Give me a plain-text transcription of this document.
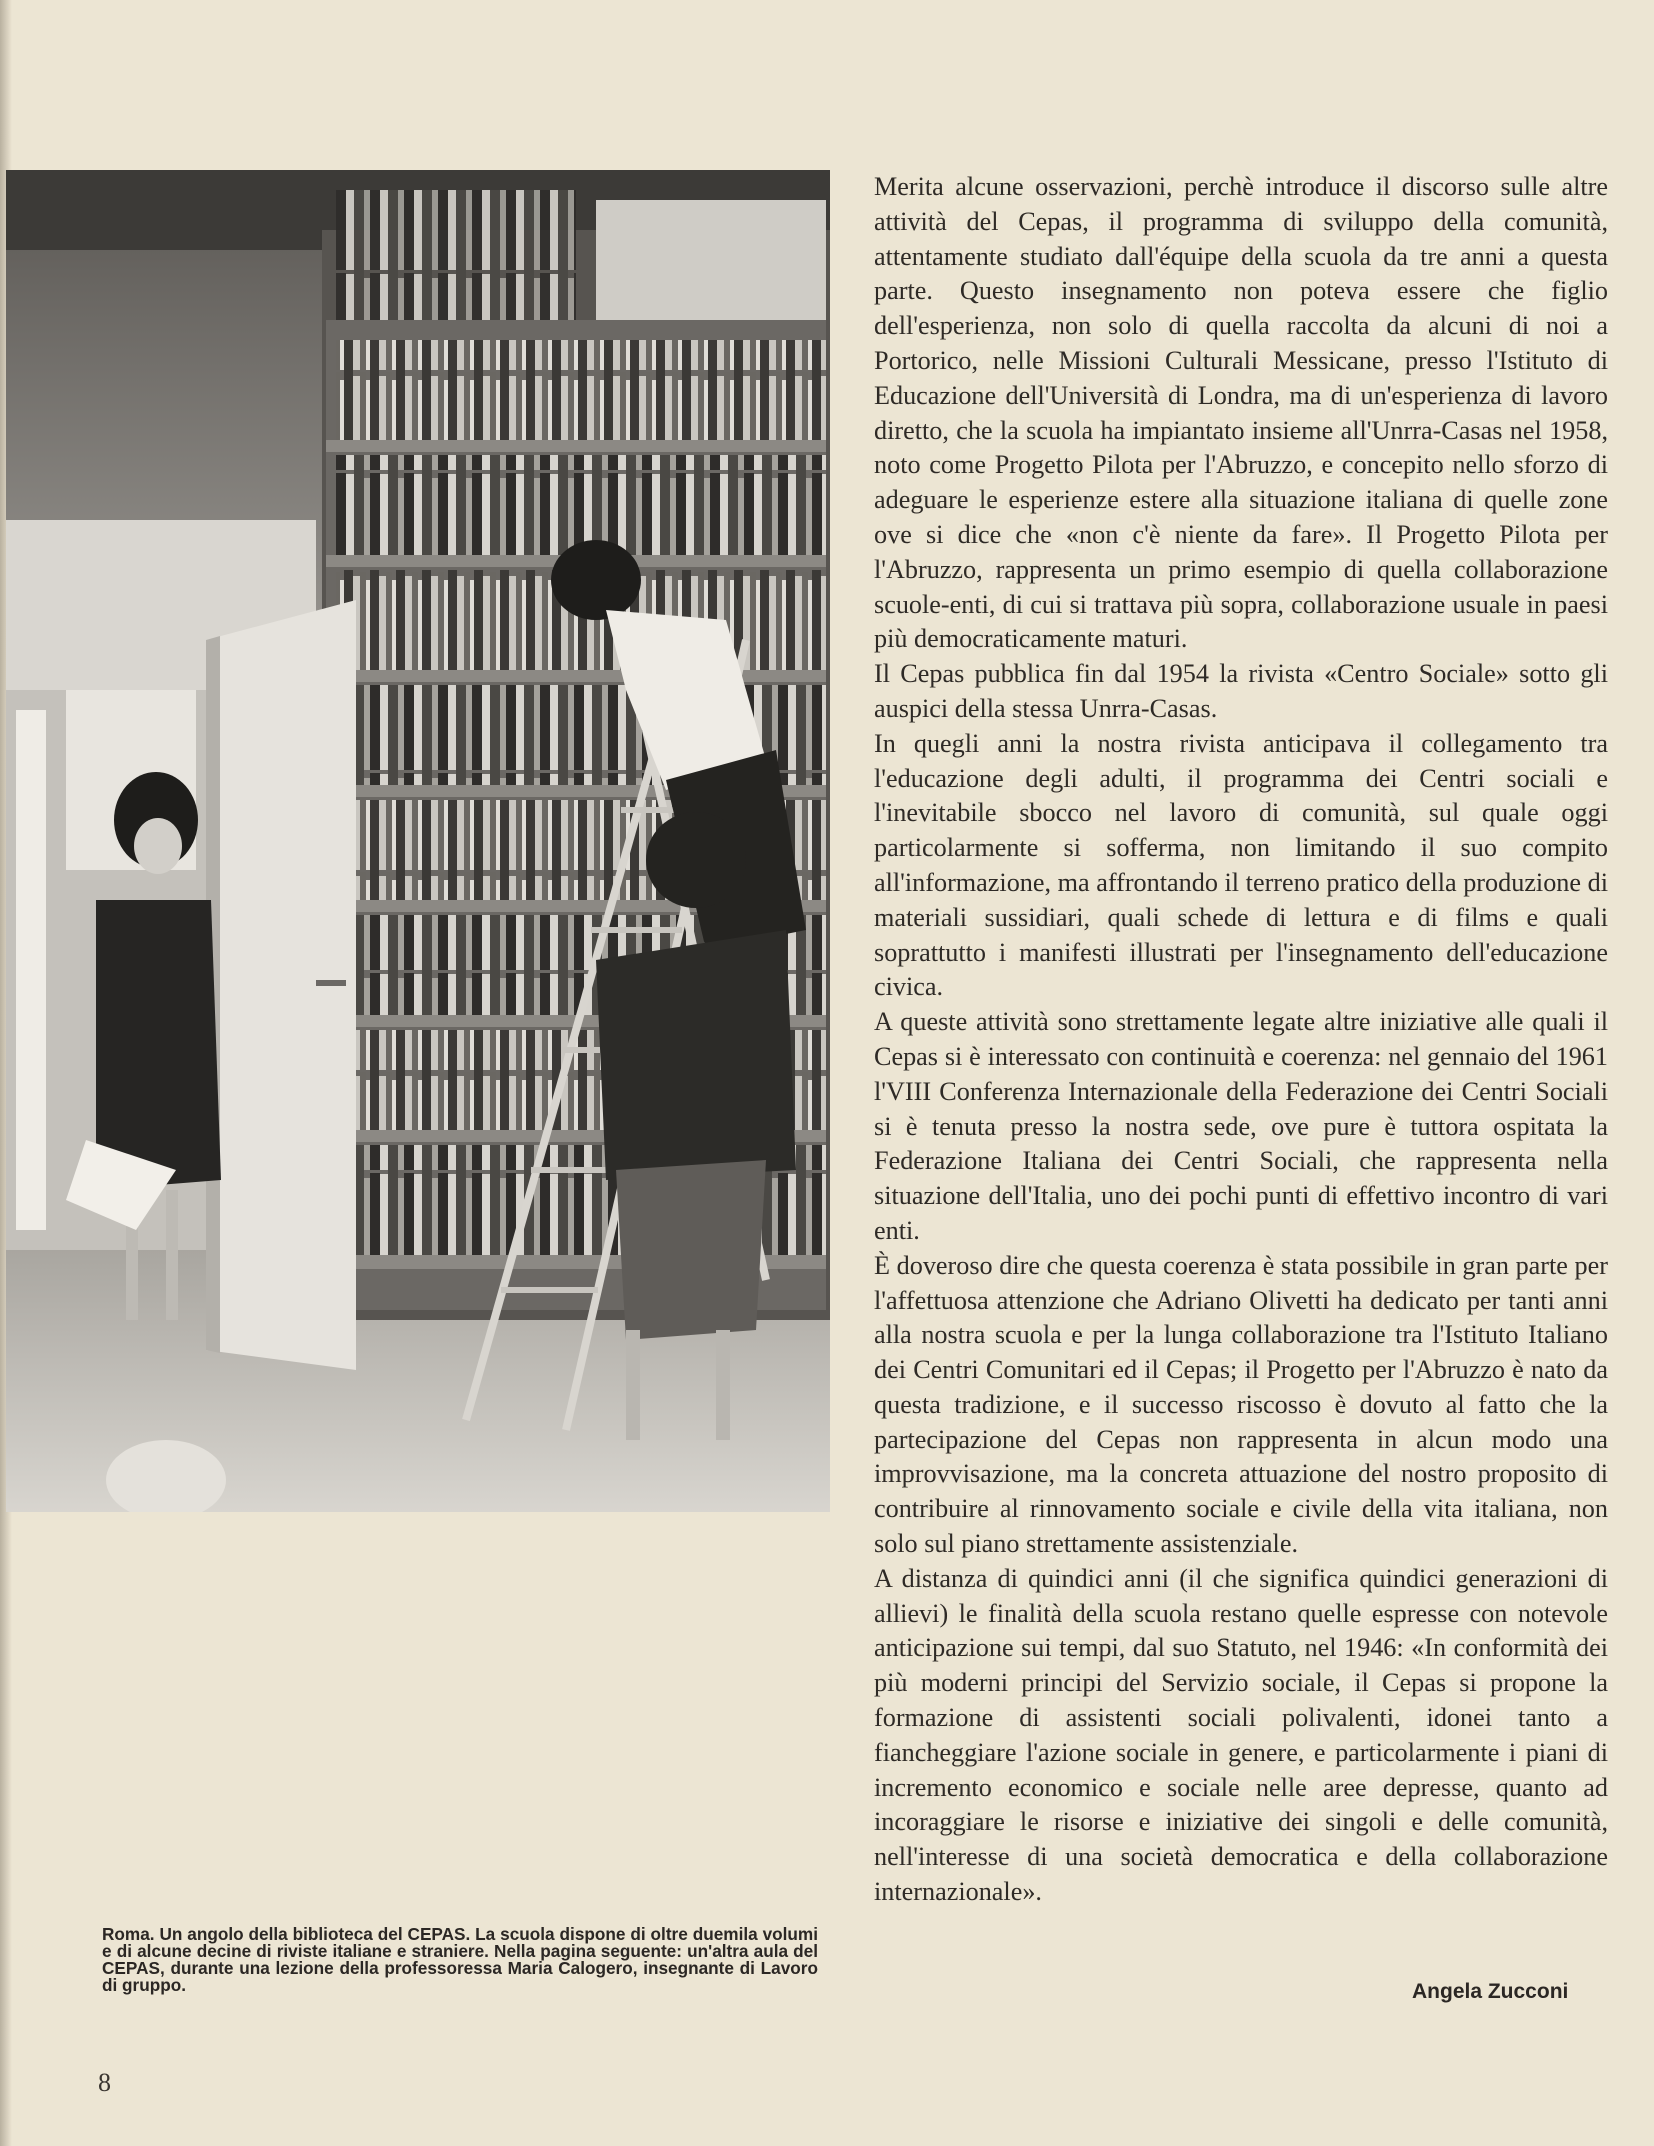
Roma. Un angolo della biblioteca del CEPAS. La scuola dispone di oltre duemila volumi e di alcune decine di riviste italiane e straniere. Nella pagina seguente: un'altra aula del CEPAS, durante una lezione della professoressa Maria Calogero, insegnante di Lavoro di gruppo.

Merita alcune osservazioni, perchè introduce il discorso sulle altre attività del Cepas, il programma di sviluppo della comunità, attentamente studiato dall'équipe della scuola da tre anni a questa parte. Questo insegnamento non poteva essere che figlio dell'esperienza, non solo di quella raccolta da alcuni di noi a Portorico, nelle Missioni Culturali Messicane, presso l'Istituto di Educazione dell'Università di Londra, ma di un'esperienza di lavoro diretto, che la scuola ha impiantato insieme all'Unrra-Casas nel 1958, noto come Progetto Pilota per l'Abruzzo, e concepito nello sforzo di adeguare le esperienze estere alla situazione italiana di quelle zone ove si dice che «non c'è niente da fare». Il Progetto Pilota per l'Abruzzo, rappresenta un primo esempio di quella collaborazione scuole-enti, di cui si trattava più sopra, collaborazione usuale in paesi più democraticamente maturi.

Il Cepas pubblica fin dal 1954 la rivista «Centro Sociale» sotto gli auspici della stessa Unrra-Casas.

In quegli anni la nostra rivista anticipava il collegamento tra l'educazione degli adulti, il programma dei Centri sociali e l'inevitabile sbocco nel lavoro di comunità, sul quale oggi particolarmente si sofferma, non limitando il suo compito all'informazione, ma affrontando il terreno pratico della produzione di materiali sussidiari, quali schede di lettura e di films e quali soprattutto i manifesti illustrati per l'insegnamento dell'educazione civica.

A queste attività sono strettamente legate altre iniziative alle quali il Cepas si è interessato con continuità e coerenza: nel gennaio del 1961 l'VIII Conferenza Internazionale della Federazione dei Centri Sociali si è tenuta presso la nostra sede, ove pure è tuttora ospitata la Federazione Italiana dei Centri Sociali, che rappresenta nella situazione dell'Italia, uno dei pochi punti di effettivo incontro di vari enti.

È doveroso dire che questa coerenza è stata possibile in gran parte per l'affettuosa attenzione che Adriano Olivetti ha dedicato per tanti anni alla nostra scuola e per la lunga collaborazione tra l'Istituto Italiano dei Centri Comunitari ed il Cepas; il Progetto per l'Abruzzo è nato da questa tradizione, e il successo riscosso è dovuto al fatto che la partecipazione del Cepas non rappresenta in alcun modo una improvvisazione, ma la concreta attuazione del nostro proposito di contribuire al rinnovamento sociale e civile della vita italiana, non solo sul piano strettamente assistenziale.

A distanza di quindici anni (il che significa quindici generazioni di allievi) le finalità della scuola restano quelle espresse con notevole anticipazione sui tempi, dal suo Statuto, nel 1946: «In conformità dei più moderni principi del Servizio sociale, il Cepas si propone la formazione di assistenti sociali polivalenti, idonei tanto a fiancheggiare l'azione sociale in genere, e particolarmente i piani di incremento economico e sociale nelle aree depresse, quanto ad incoraggiare le risorse e iniziative dei singoli e delle comunità, nell'interesse di una società democratica e della collaborazione internazionale».

Angela Zucconi
8
